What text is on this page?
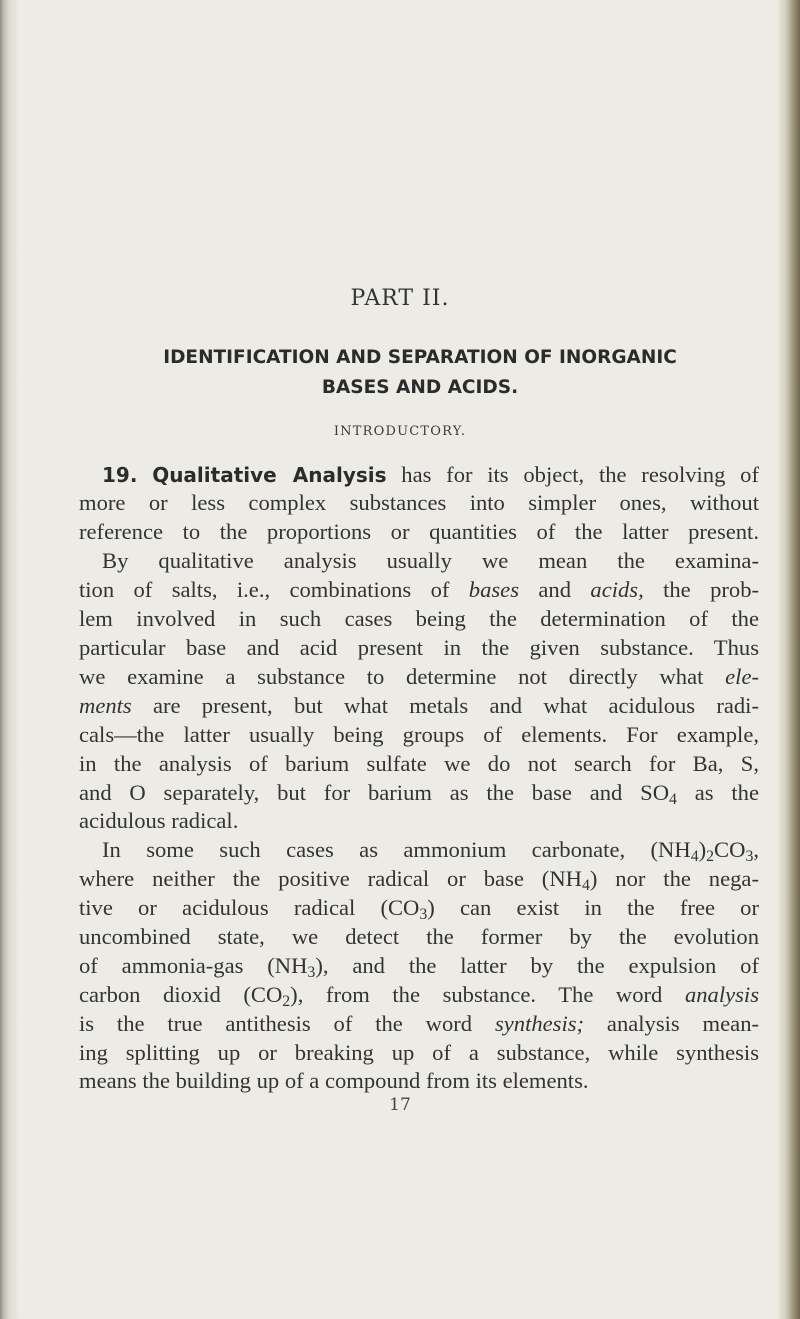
PART II.
IDENTIFICATION AND SEPARATION OF INORGANIC
BASES AND ACIDS.
INTRODUCTORY.

19. Qualitative Analysis has for its object, the resolving of

more or less complex substances into simpler ones, without

reference to the proportions or quantities of the latter present.

By qualitative analysis usually we mean the examina-

tion of salts, i.e., combinations of bases and acids, the prob-

lem involved in such cases being the determination of the

particular base and acid present in the given substance. Thus

we examine a substance to determine not directly what ele-

ments are present, but what metals and what acidulous radi-

cals—the latter usually being groups of elements. For example,

in the analysis of barium sulfate we do not search for Ba, S,

and O separately, but for barium as the base and $SO_4$ as the

acidulous radical.

In some such cases as ammonium carbonate, $(NH_4)_2CO_3$,

where neither the positive radical or base $(NH_4)$ nor the nega-

tive or acidulous radical $(CO_3)$ can exist in the free or

uncombined state, we detect the former by the evolution

of ammonia-gas $(NH_3)$, and the latter by the expulsion of

carbon dioxid $(CO_2)$, from the substance. The word analysis

is the true antithesis of the word synthesis; analysis mean-

ing splitting up or breaking up of a substance, while synthesis

means the building up of a compound from its elements.

17
